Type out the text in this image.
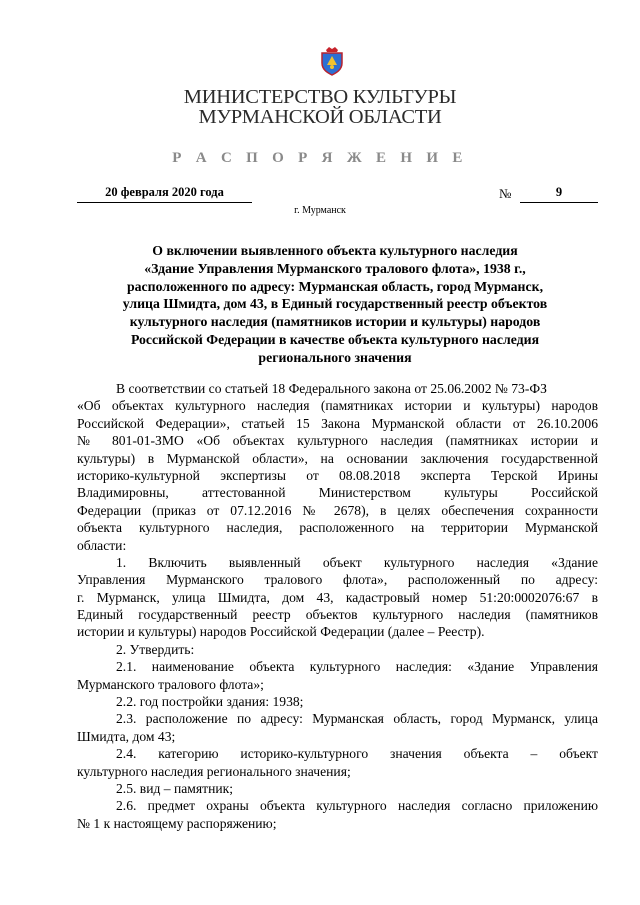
МИНИСТЕРСТВО КУЛЬТУРЫ
МУРМАНСКОЙ ОБЛАСТИ
Р А С П О Р Я Ж Е Н И Е
20 февраля 2020 года	№	9
г. Мурманск
О включении выявленного объекта культурного наследия
«Здание Управления Мурманского тралового флота», 1938 г.,
расположенного по адресу: Мурманская область, город Мурманск,
улица Шмидта, дом 43, в Единый государственный реестр объектов
культурного наследия (памятников истории и культуры) народов
Российской Федерации в качестве объекта культурного наследия
регионального значения
В соответствии со статьей 18 Федерального закона от 25.06.2002 № 73-ФЗ
«Об объектах культурного наследия (памятниках истории и культуры) народов
Российской Федерации», статьей 15 Закона Мурманской области от 26.10.2006
№ 801-01-ЗМО «Об объектах культурного наследия (памятниках истории и
культуры) в Мурманской области», на основании заключения государственной
историко-культурной экспертизы от 08.08.2018 эксперта Терской Ирины
Владимировны, аттестованной Министерством культуры Российской
Федерации (приказ от 07.12.2016 № 2678), в целях обеспечения сохранности
объекта культурного наследия, расположенного на территории Мурманской
области:
1. Включить выявленный объект культурного наследия «Здание
Управления Мурманского тралового флота», расположенный по адресу:
г. Мурманск, улица Шмидта, дом 43, кадастровый номер 51:20:0002076:67 в
Единый государственный реестр объектов культурного наследия (памятников
истории и культуры) народов Российской Федерации (далее – Реестр).
2. Утвердить:
2.1. наименование объекта культурного наследия: «Здание Управления
Мурманского тралового флота»;
2.2. год постройки здания: 1938;
2.3. расположение по адресу: Мурманская область, город Мурманск, улица
Шмидта, дом 43;
2.4. категорию историко-культурного значения объекта – объект
культурного наследия регионального значения;
2.5. вид – памятник;
2.6. предмет охраны объекта культурного наследия согласно приложению
№ 1 к настоящему распоряжению;
